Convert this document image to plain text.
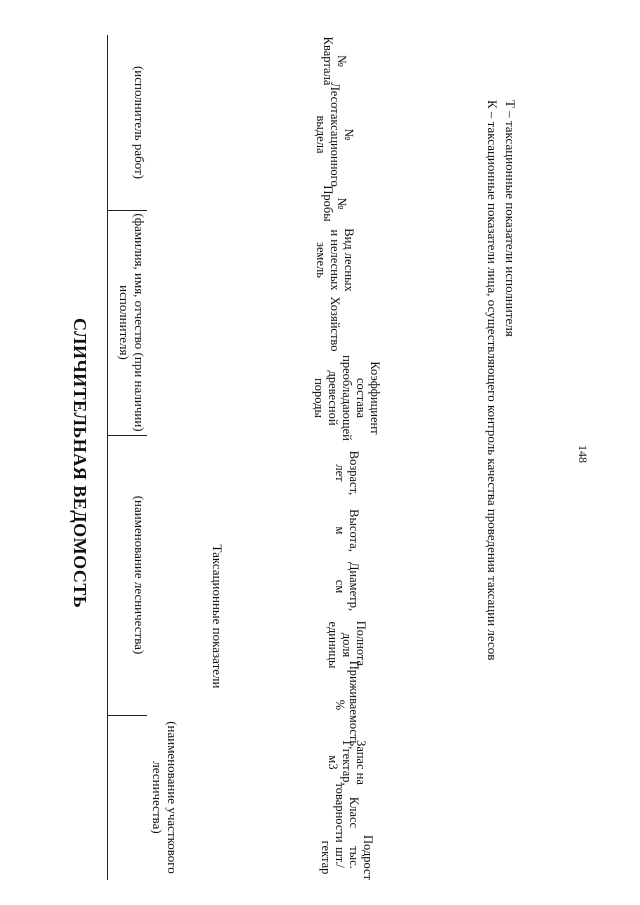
СЛИЧИТЕЛЬНАЯ ВЕДОМОСТЬ
(исполнитель работ)
(фамилия, имя, отчество (при наличии) исполнителя)
(наименование лесничества)
(наименование участкового лесничества)
Таксационные показатели
№ Квартала
№ Лесотаксационного выдела
№ Пробы
Вид лесных и нелесных земель
Хозяйство
Коэффициент состава преобладающей древесной породы
Возраст, лет
Высота, м
Диаметр, см
Полнота, доля единицы
Приживаемость, %
Запас на 1 гектар, м3
Класс товарности
Подрост тыс. шт./гектар
К – таксационные показатели лица, осуществляющего контроль качества проведения таксации лесов Т – таксационные показатели исполнителя
148
